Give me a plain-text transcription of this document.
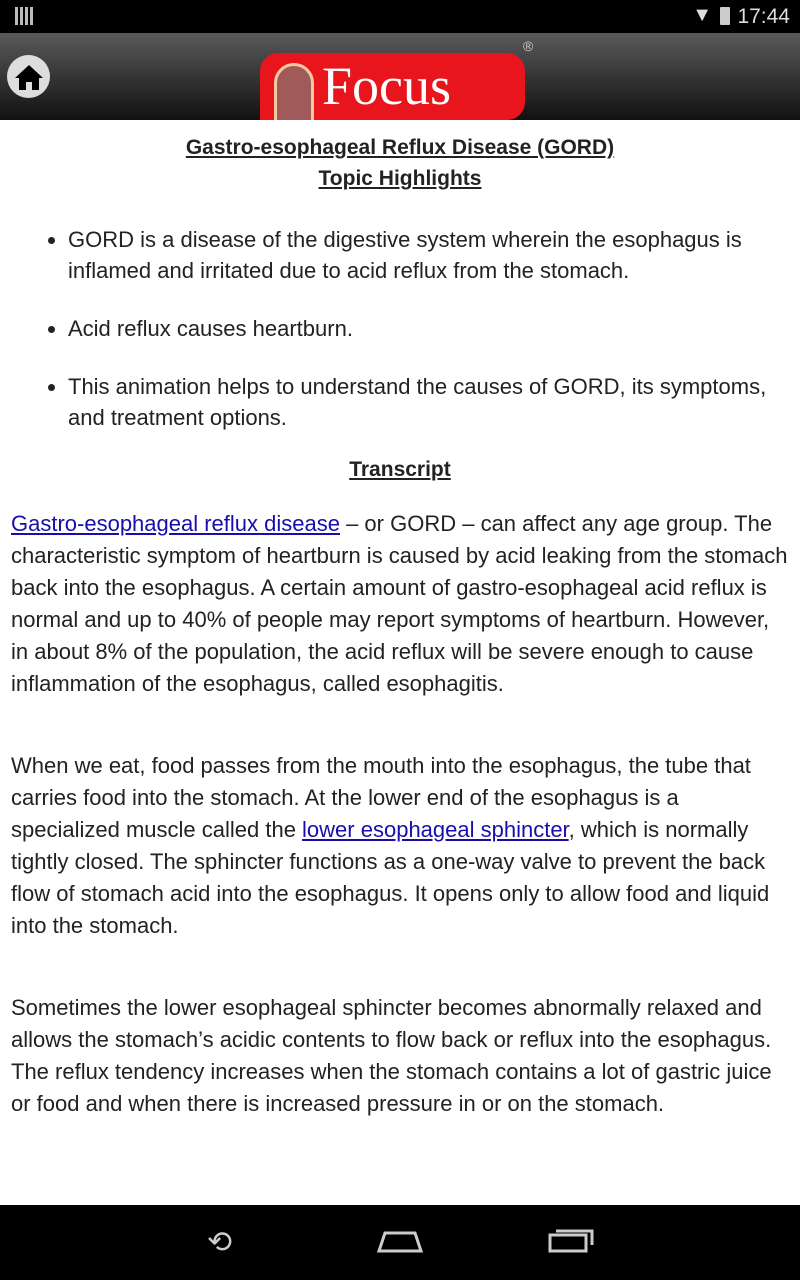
▼ 17:44
Focus
®
Gastro-esophageal Reflux Disease (GORD)
Topic Highlights
• GORD is a disease of the digestive system wherein the esophagus is inflamed and irritated due to acid reflux from the stomach.
• Acid reflux causes heartburn.
• This animation helps to understand the causes of GORD, its symptoms, and treatment options.
Transcript

Gastro-esophageal reflux disease – or GORD – can affect any age group. The characteristic symptom of heartburn is caused by acid leaking from the stomach back into the esophagus. A certain amount of gastro-esophageal acid reflux is normal and up to 40% of people may report symptoms of heartburn. However, in about 8% of the population, the acid reflux will be severe enough to cause inflammation of the esophagus, called esophagitis.

When we eat, food passes from the mouth into the esophagus, the tube that carries food into the stomach. At the lower end of the esophagus is a specialized muscle called the lower esophageal sphincter, which is normally tightly closed. The sphincter functions as a one-way valve to prevent the back flow of stomach acid into the esophagus. It opens only to allow food and liquid into the stomach.

Sometimes the lower esophageal sphincter becomes abnormally relaxed and allows the stomach’s acidic contents to flow back or reflux into the esophagus. The reflux tendency increases when the stomach contains a lot of gastric juice or food and when there is increased pressure in or on the stomach.

⟲
